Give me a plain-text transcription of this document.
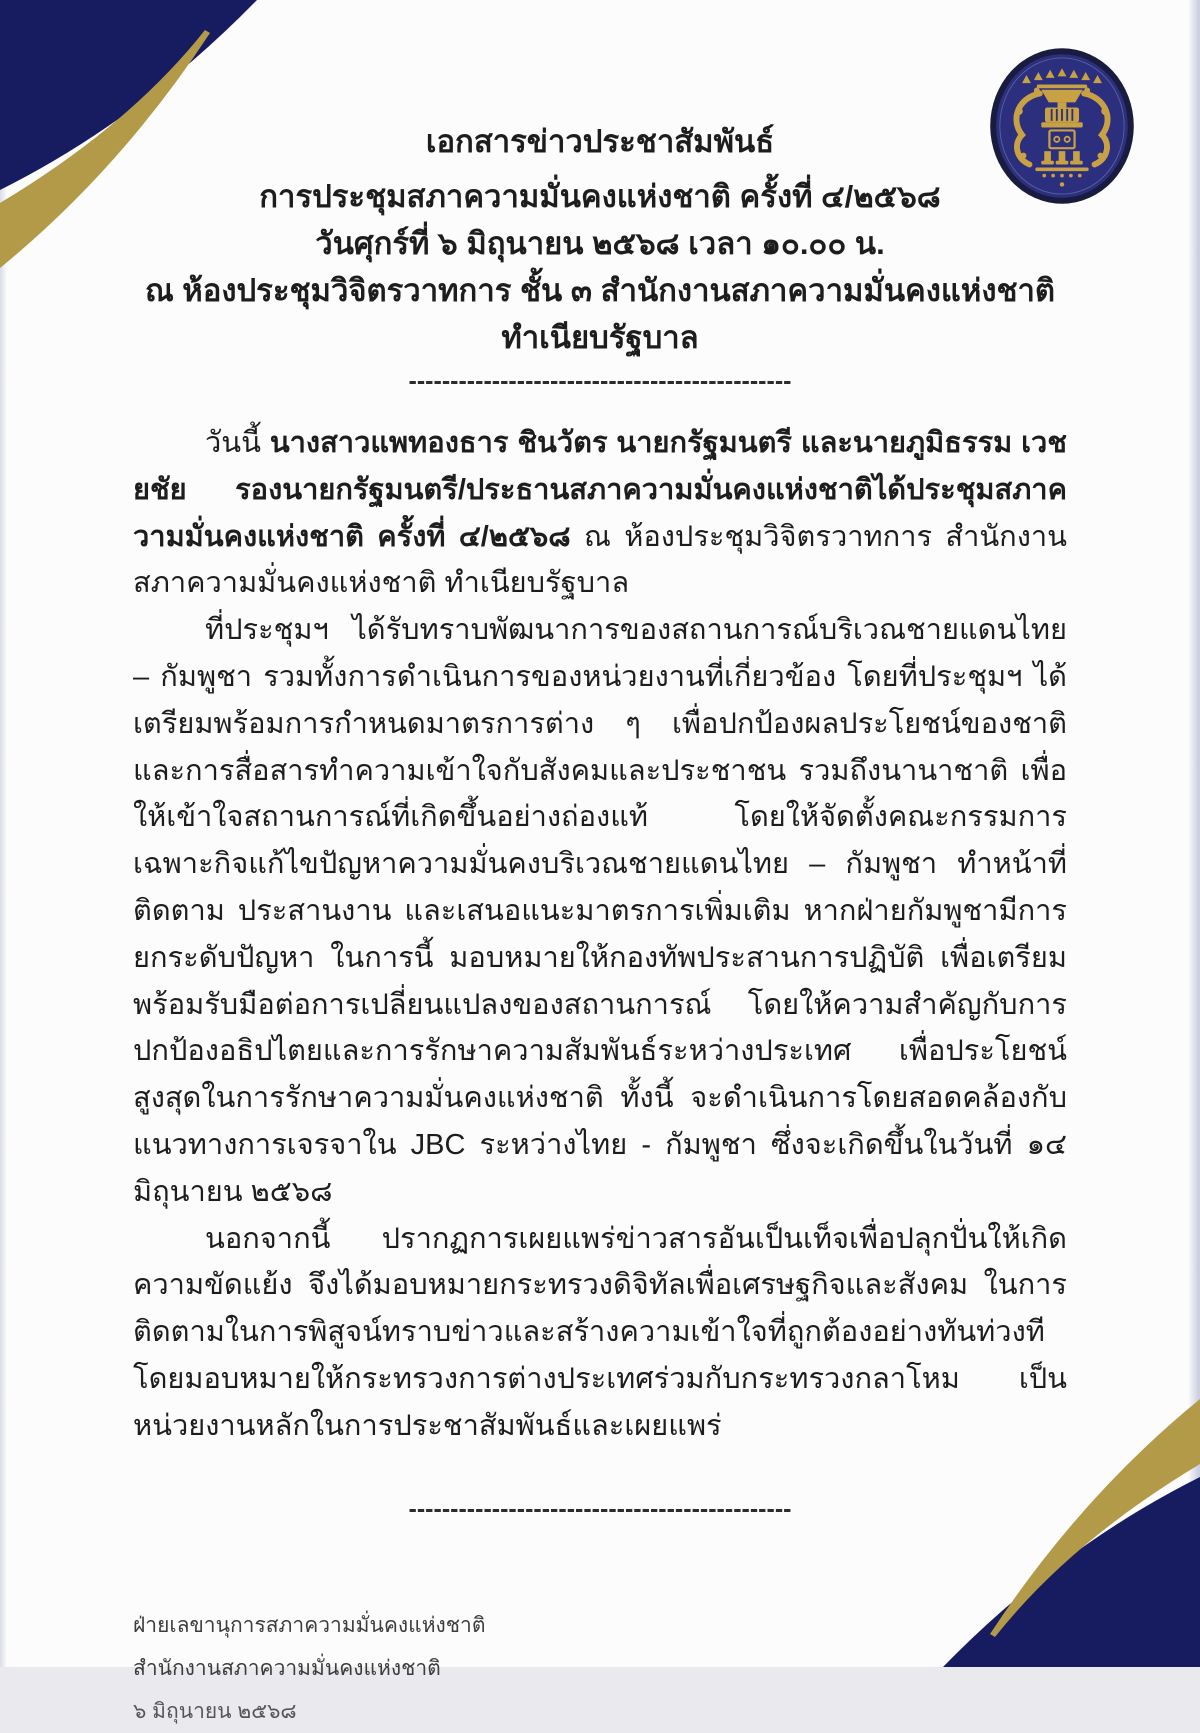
เอกสารข่าวประชาสัมพันธ์
การประชุมสภาความมั่นคงแห่งชาติ ครั้งที่ ๔/๒๕๖๘
วันศุกร์ที่ ๖ มิถุนายน ๒๕๖๘ เวลา ๑๐.๐๐ น.
ณ ห้องประชุมวิจิตรวาทการ ชั้น ๓ สำนักงานสภาความมั่นคงแห่งชาติ ทำเนียบรัฐบาล
----------------------------------------------

วันนี้ นางสาวแพทองธาร ชินวัตร นายกรัฐมนตรี และนายภูมิธรรม เวชยชัย รองนายกรัฐมนตรี/ประธานสภาความมั่นคงแห่งชาติได้ประชุมสภาความมั่นคงแห่งชาติ ครั้งที่ ๔/๒๕๖๘ ณ ห้องประชุมวิจิตรวาทการ สำนักงานสภาความมั่นคงแห่งชาติ ทำเนียบรัฐบาล

ที่ประชุมฯ ได้รับทราบพัฒนาการของสถานการณ์บริเวณชายแดนไทย – กัมพูชา รวมทั้งการดำเนินการของหน่วยงานที่เกี่ยวข้อง โดยที่ประชุมฯ ได้เตรียมพร้อมการกำหนดมาตรการต่าง ๆ เพื่อปกป้องผลประโยชน์ของชาติ และการสื่อสารทำความเข้าใจกับสังคมและประชาชน รวมถึงนานาชาติ เพื่อให้เข้าใจสถานการณ์ที่เกิดขึ้นอย่างถ่องแท้ โดยให้จัดตั้งคณะกรรมการเฉพาะกิจแก้ไขปัญหาความมั่นคงบริเวณชายแดนไทย – กัมพูชา ทำหน้าที่ติดตาม ประสานงาน และเสนอแนะมาตรการเพิ่มเติม หากฝ่ายกัมพูชามีการยกระดับปัญหา ในการนี้ มอบหมายให้กองทัพประสานการปฏิบัติ เพื่อเตรียมพร้อมรับมือต่อการเปลี่ยนแปลงของสถานการณ์ โดยให้ความสำคัญกับการปกป้องอธิปไตยและการรักษาความสัมพันธ์ระหว่างประเทศ เพื่อประโยชน์สูงสุดในการรักษาความมั่นคงแห่งชาติ ทั้งนี้ จะดำเนินการโดยสอดคล้องกับแนวทางการเจรจาใน JBC ระหว่างไทย - กัมพูชา ซึ่งจะเกิดขึ้นในวันที่ ๑๔ มิถุนายน ๒๕๖๘

นอกจากนี้ ปรากฏการเผยแพร่ข่าวสารอันเป็นเท็จเพื่อปลุกปั่นให้เกิดความขัดแย้ง จึงได้มอบหมายกระทรวงดิจิทัลเพื่อเศรษฐกิจและสังคม ในการติดตามในการพิสูจน์ทราบข่าวและสร้างความเข้าใจที่ถูกต้องอย่างทันท่วงที โดยมอบหมายให้กระทรวงการต่างประเทศร่วมกับกระทรวงกลาโหม เป็นหน่วยงานหลักในการประชาสัมพันธ์และเผยแพร่

----------------------------------------------
ฝ่ายเลขานุการสภาความมั่นคงแห่งชาติ
สำนักงานสภาความมั่นคงแห่งชาติ
๖ มิถุนายน ๒๕๖๘
